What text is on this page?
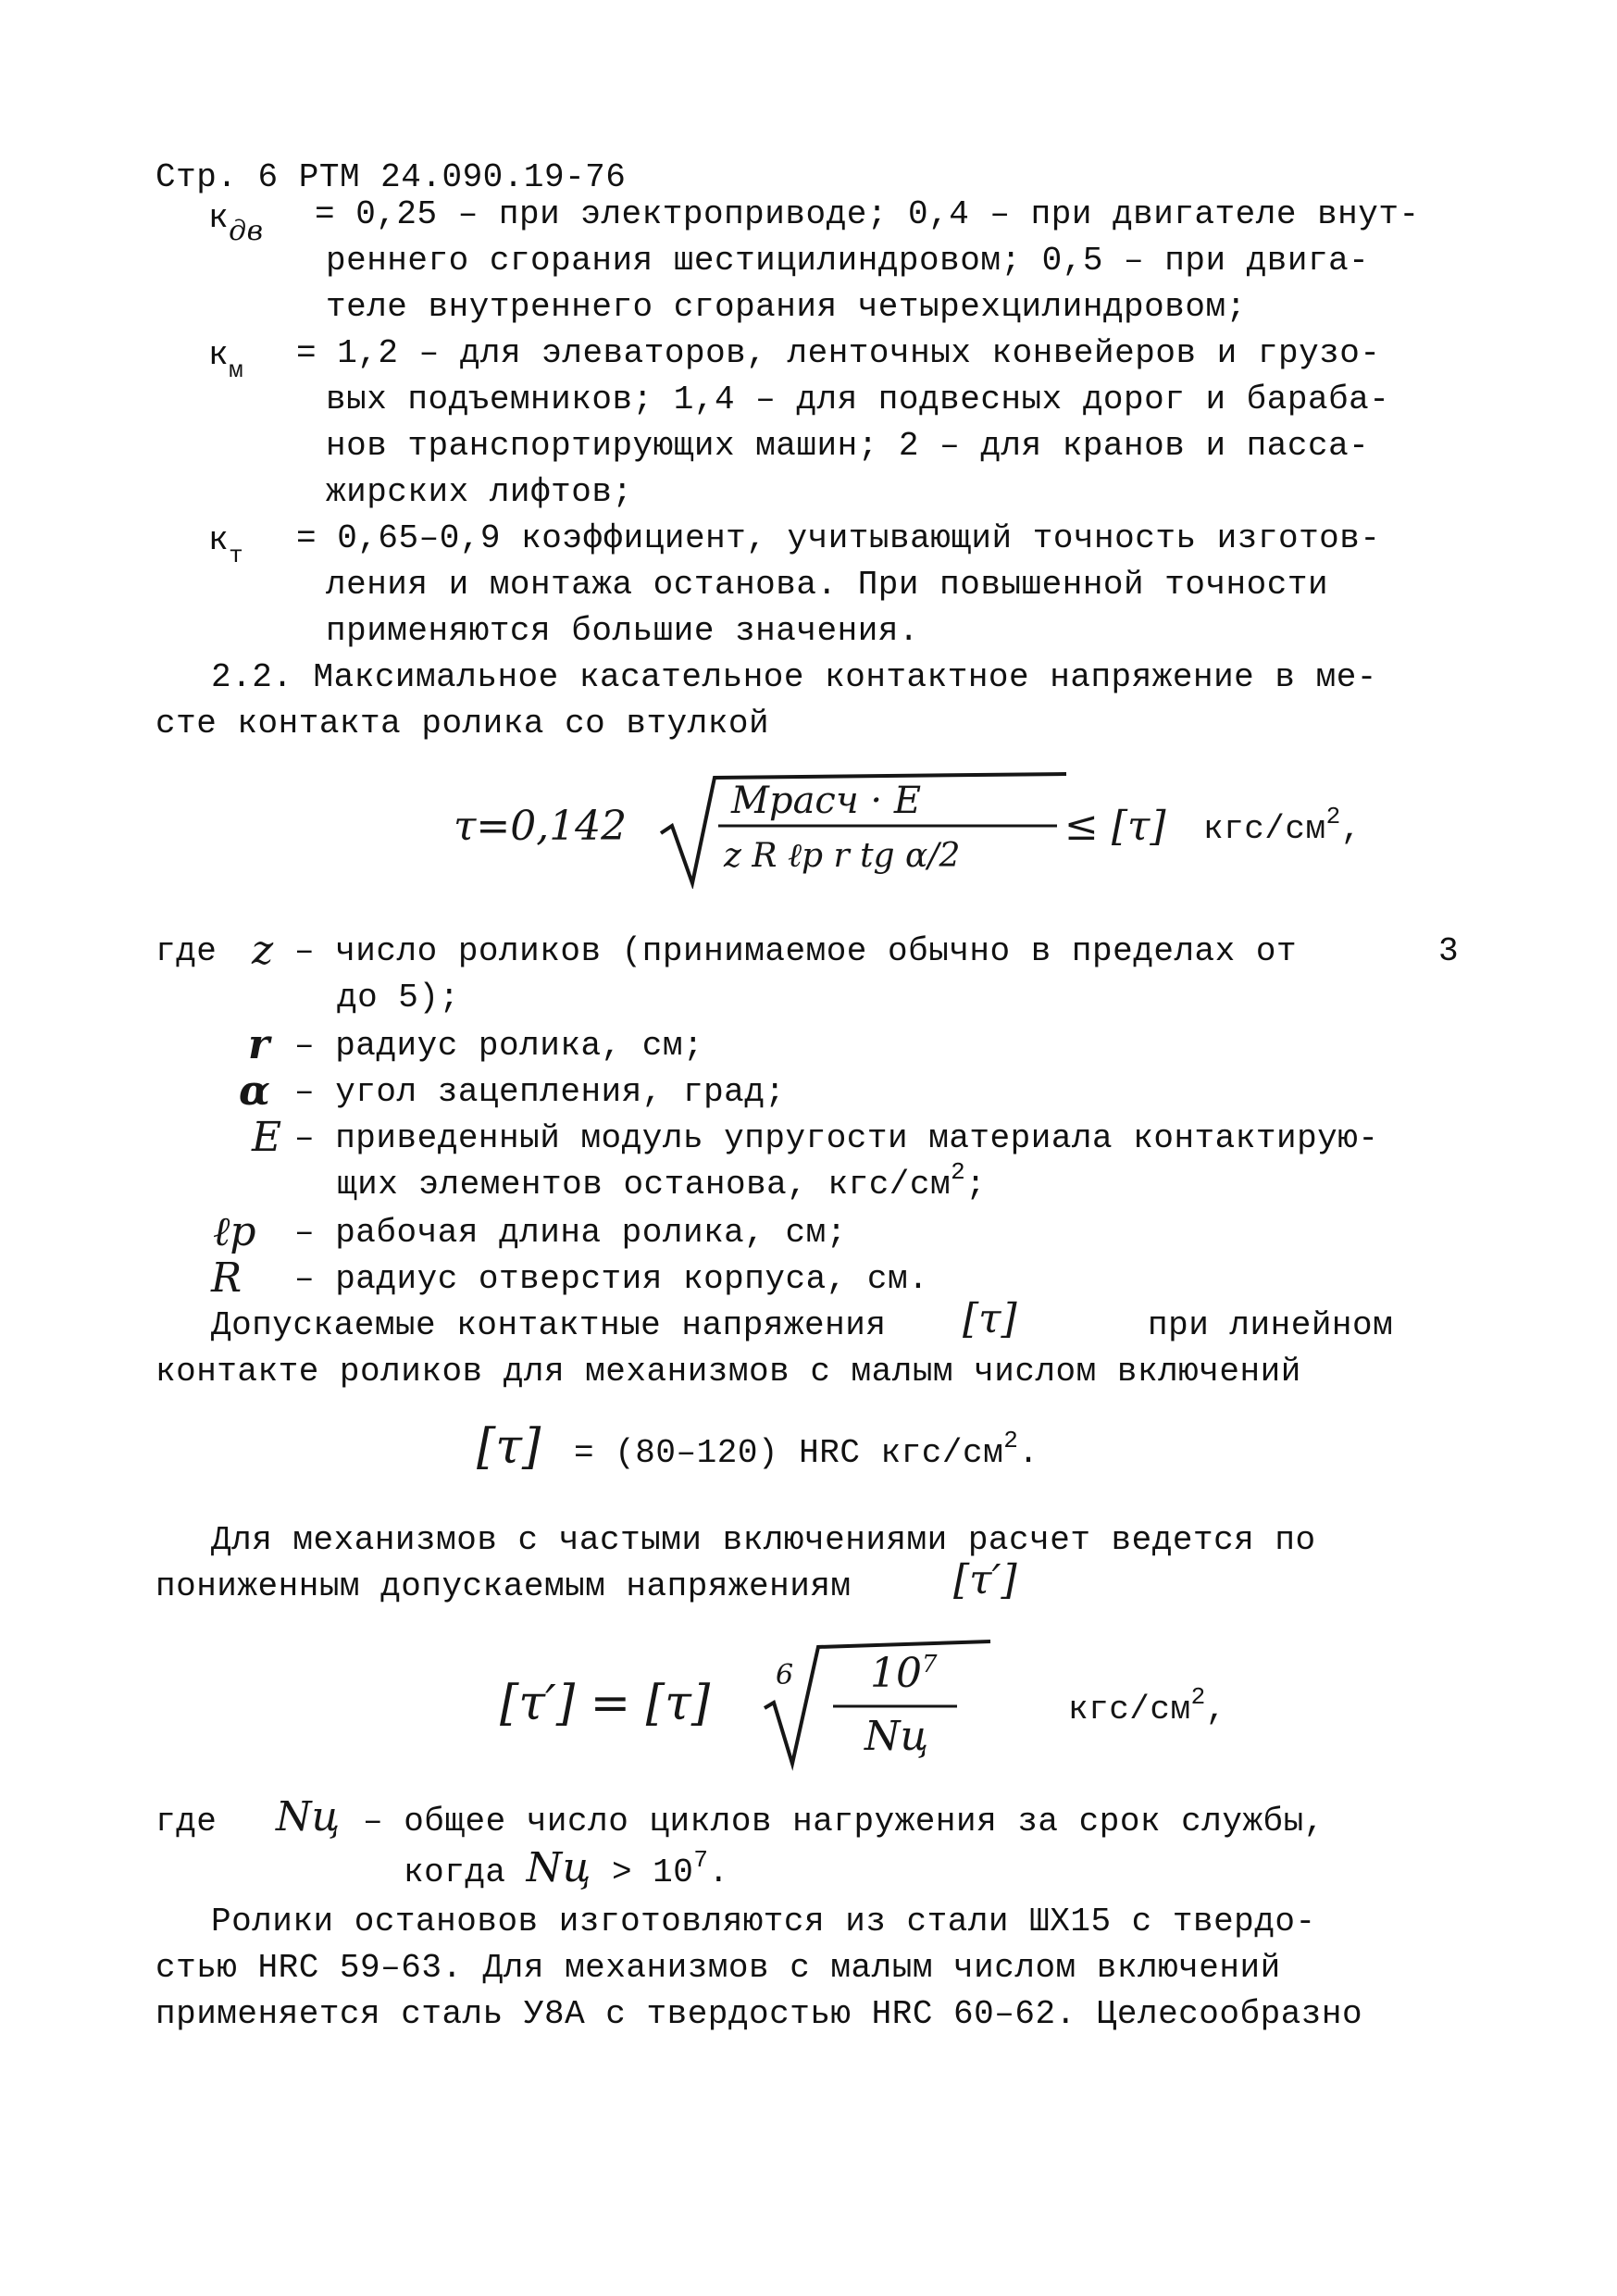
Стр. 6 РТМ 24.090.19-76
$к_{дв} = 0,25$ – при электроприводе; 0,4 – при двигателе внут-
реннего сгорания шестицилиндровом; 0,5 – при двига-
теле внутреннего сгорания четырехцилиндровом;
$к_м = 1,2$ – для элеваторов, ленточных конвейеров и грузо-
вых подъемников; 1,4 – для подвесных дорог и бараба-
нов транспортирующих машин; 2 – для кранов и пасса-
жирских лифтов;
$к_т = 0,65-0,9$ коэффициент, учитывающий точность изготов-
ления и монтажа останова. При повышенной точности
применяются большие значения.
2.2. Максимальное касательное контактное напряжение в ме-
сте контакта ролика со втулкой
τ=0,142
Mрасч · E
z R ℓp r tg α/2
≤ [τ] кгс/$см^2$,
где z – число роликов (принимаемое обычно в пределах от	3
до 5);
r – радиус ролика, см;
α – угол зацепления, град;
E – приведенный модуль упругости материала контактирую-
щих элементов останова, кгс/$см^2$;
ℓp – рабочая длина ролика, см;
R – радиус отверстия корпуса, см.
Допускаемые контактные напряжения [τ]	при линейном
контакте роликов для механизмов с малым числом включений
[τ] = (80–120) HRC кгс/$см^2$.
Для механизмов с частыми включениями расчет ведется по
пониженным допускаемым напряжениям	[τ′]
[τ′] = [τ]
6 $10^7$
Nц
кгс/$см^2$,
где Nц – общее число циклов нагружения за срок службы,
когда Nц > $10^7$.
Ролики остановов изготовляются из стали ШХ15 с твердо-
стью HRC 59–63. Для механизмов с малым числом включений
применяется сталь У8А с твердостью HRC 60–62. Целесообразно
